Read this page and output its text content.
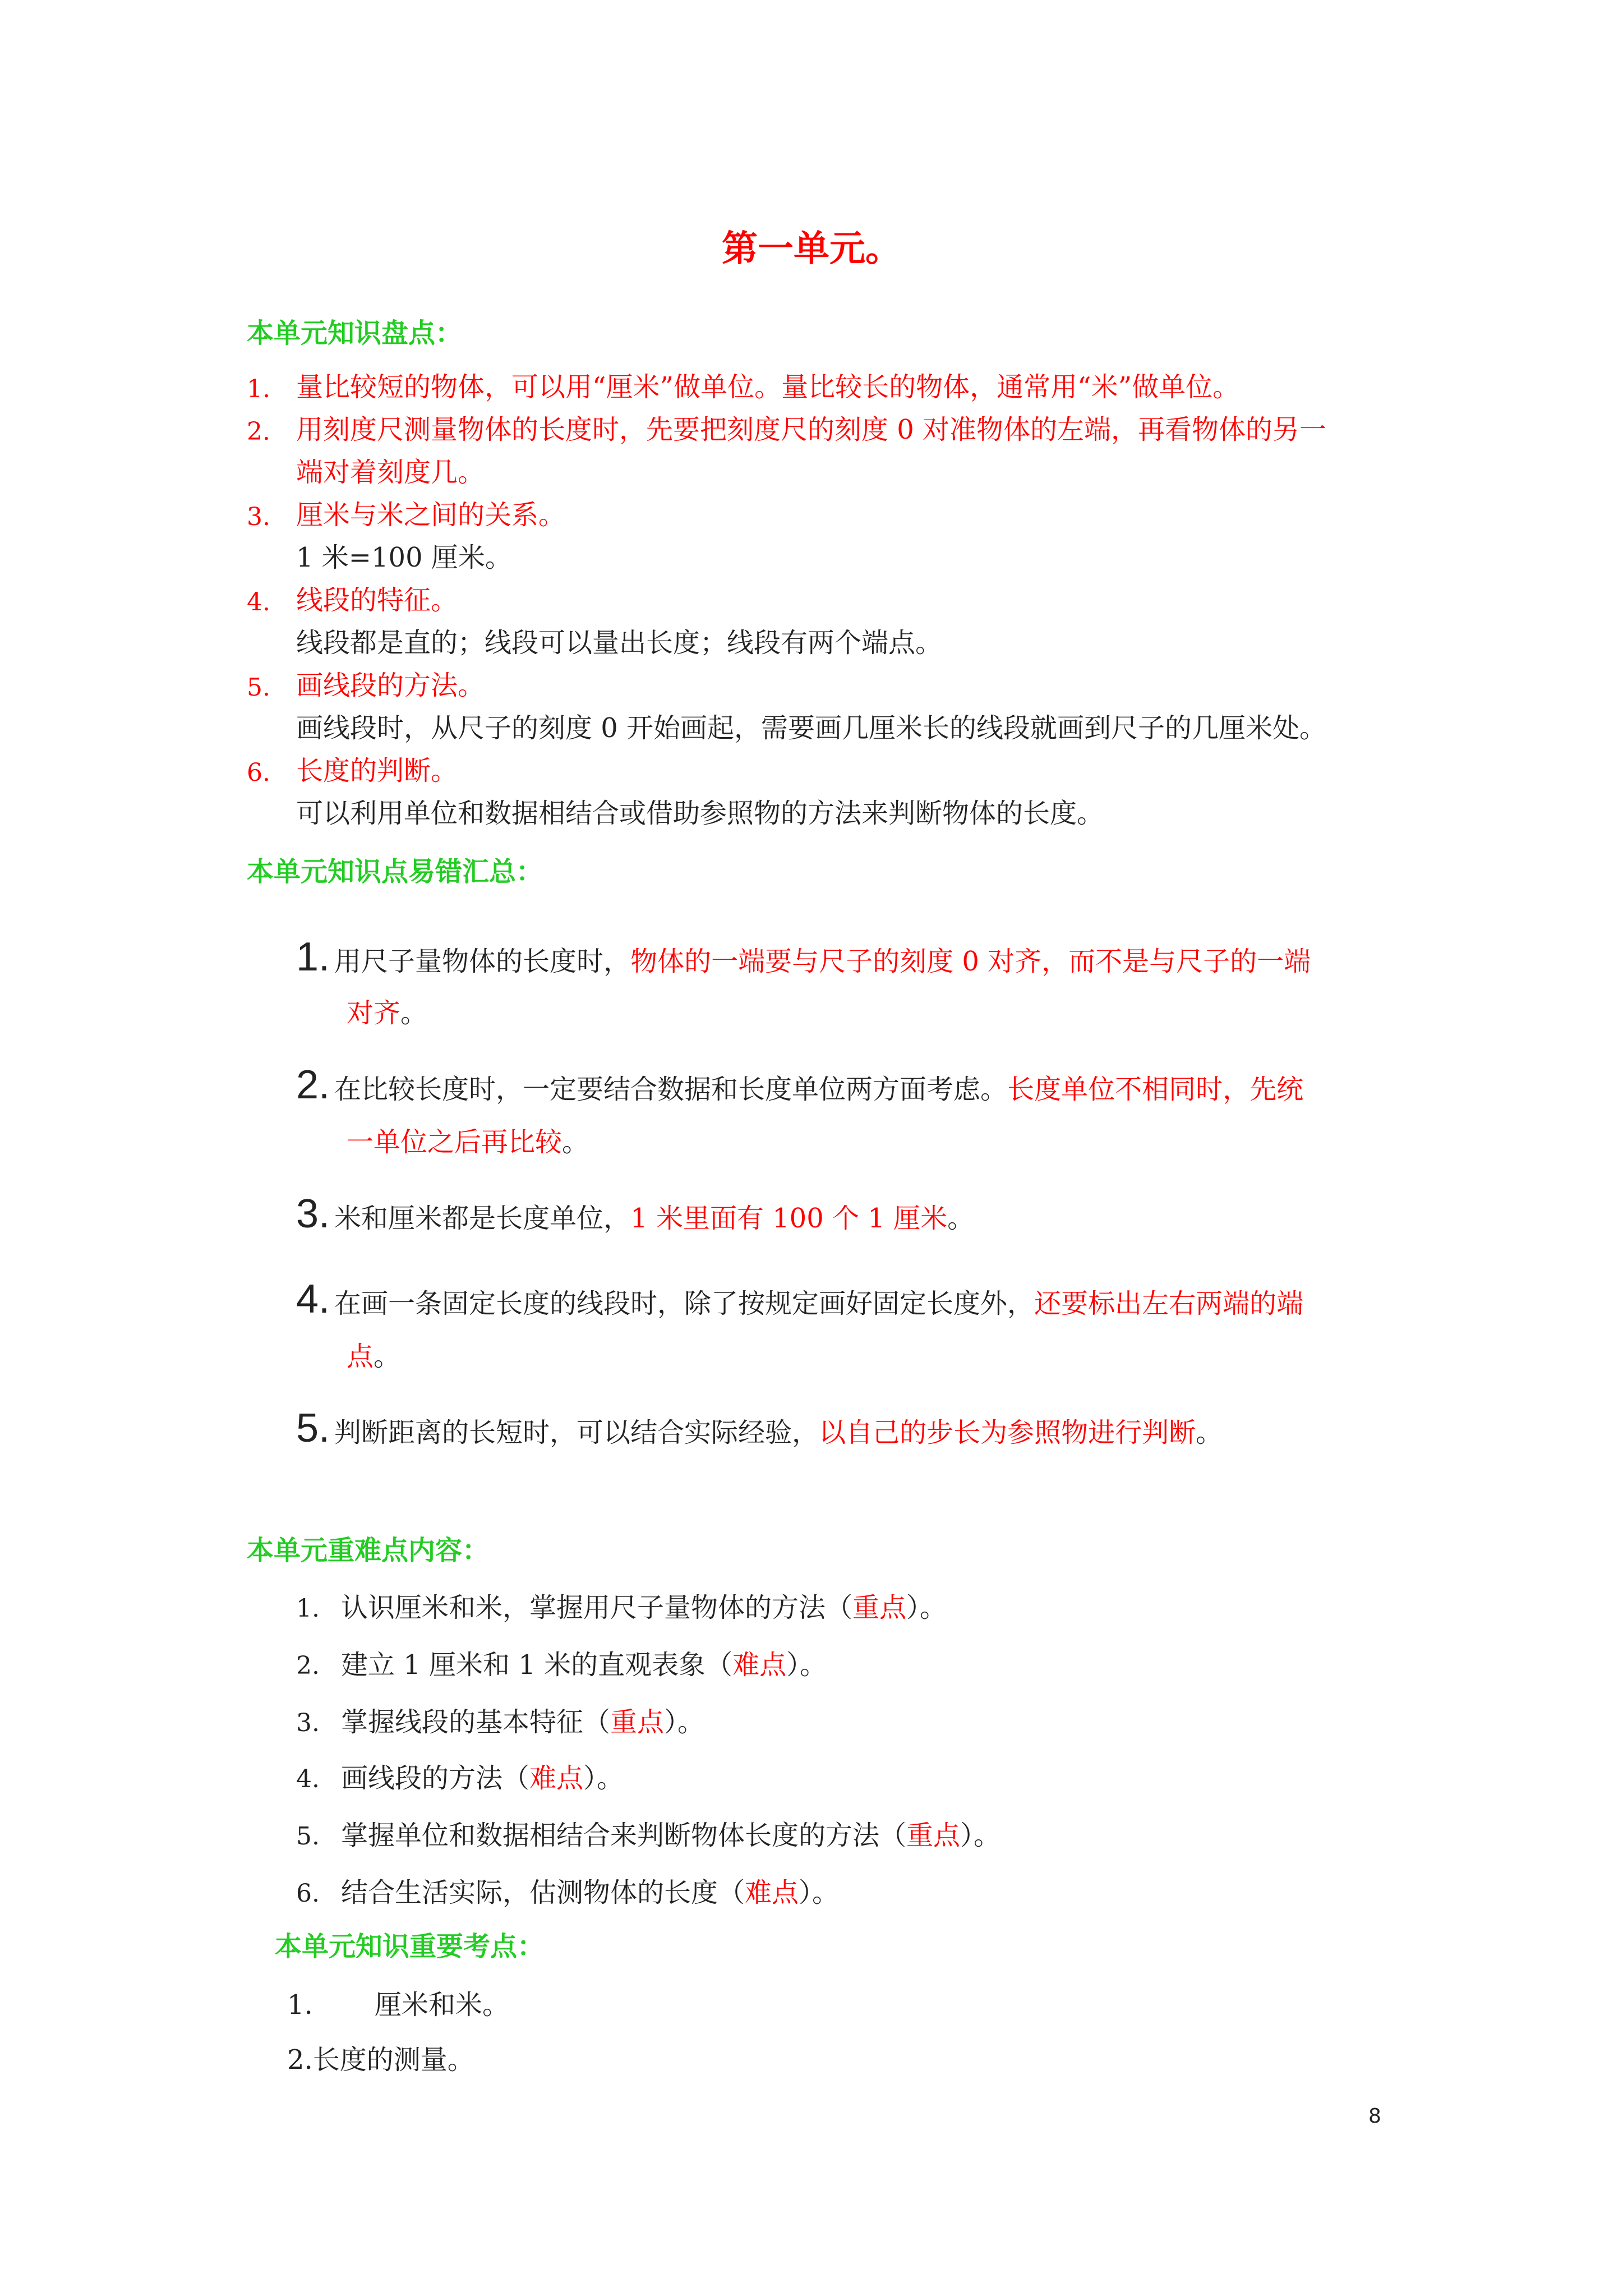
第一单元。
本单元知识盘点：
1. 量比较短的物体，可以用“厘米”做单位。量比较长的物体，通常用“米”做单位。
2. 用刻度尺测量物体的长度时，先要把刻度尺的刻度 0 对准物体的左端，再看物体的另一
端对着刻度几。
3. 厘米与米之间的关系。
1 米=100 厘米。
4. 线段的特征。
线段都是直的；线段可以量出长度；线段有两个端点。
5. 画线段的方法。
画线段时，从尺子的刻度 0 开始画起，需要画几厘米长的线段就画到尺子的几厘米处。
6. 长度的判断。
可以利用单位和数据相结合或借助参照物的方法来判断物体的长度。
本单元知识点易错汇总：
1. 用尺子量物体的长度时，物体的一端要与尺子的刻度 0 对齐，而不是与尺子的一端
对齐。
2. 在比较长度时，一定要结合数据和长度单位两方面考虑。长度单位不相同时，先统
一单位之后再比较。
3. 米和厘米都是长度单位，1 米里面有 100 个 1 厘米。
4. 在画一条固定长度的线段时，除了按规定画好固定长度外，还要标出左右两端的端
点。
5. 判断距离的长短时，可以结合实际经验，以自己的步长为参照物进行判断。
本单元重难点内容：
1. 认识厘米和米，掌握用尺子量物体的方法（重点）。
2. 建立 1 厘米和 1 米的直观表象（难点）。
3. 掌握线段的基本特征（重点）。
4. 画线段的方法（难点）。
5. 掌握单位和数据相结合来判断物体长度的方法（重点）。
6. 结合生活实际，估测物体的长度（难点）。
本单元知识重要考点：
1. 厘米和米。
2.长度的测量。
8
